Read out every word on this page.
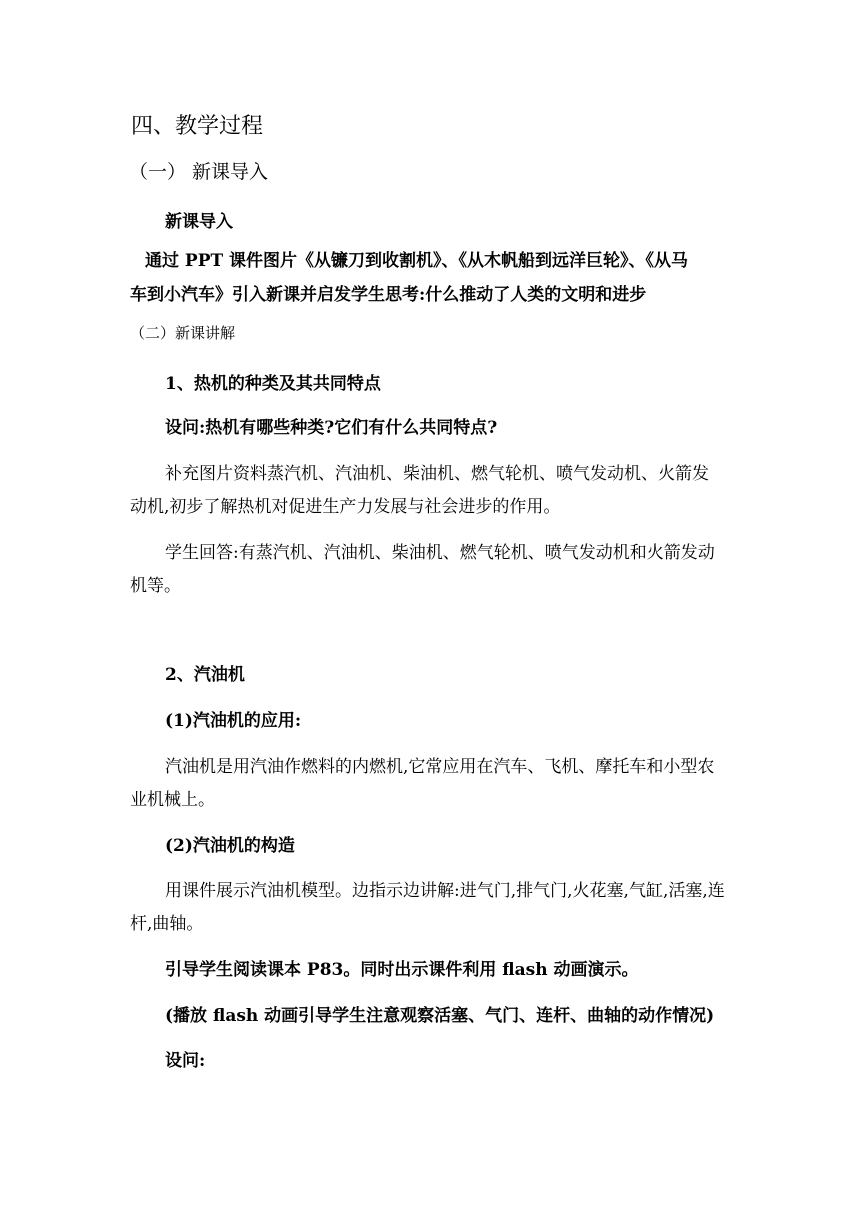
四、教学过程
（一） 新课导入
新课导入
通过 PPT 课件图片《从镰刀到收割机》、《从木帆船到远洋巨轮》、《从马
车到小汽车》引入新课并启发学生思考:什么推动了人类的文明和进步
（二）新课讲解
1、热机的种类及其共同特点
设问:热机有哪些种类?它们有什么共同特点?
补充图片资料蒸汽机、汽油机、柴油机、燃气轮机、喷气发动机、火箭发
动机,初步了解热机对促进生产力发展与社会进步的作用。
学生回答:有蒸汽机、汽油机、柴油机、燃气轮机、喷气发动机和火箭发动
机等。
2、汽油机
(1)汽油机的应用:
汽油机是用汽油作燃料的内燃机,它常应用在汽车、飞机、摩托车和小型农
业机械上。
(2)汽油机的构造
用课件展示汽油机模型。边指示边讲解:进气门,排气门,火花塞,气缸,活塞,连
杆,曲轴。
引导学生阅读课本 P83。同时出示课件利用 flash 动画演示。
(播放 flash 动画引导学生注意观察活塞、气门、连杆、曲轴的动作情况)
设问:
